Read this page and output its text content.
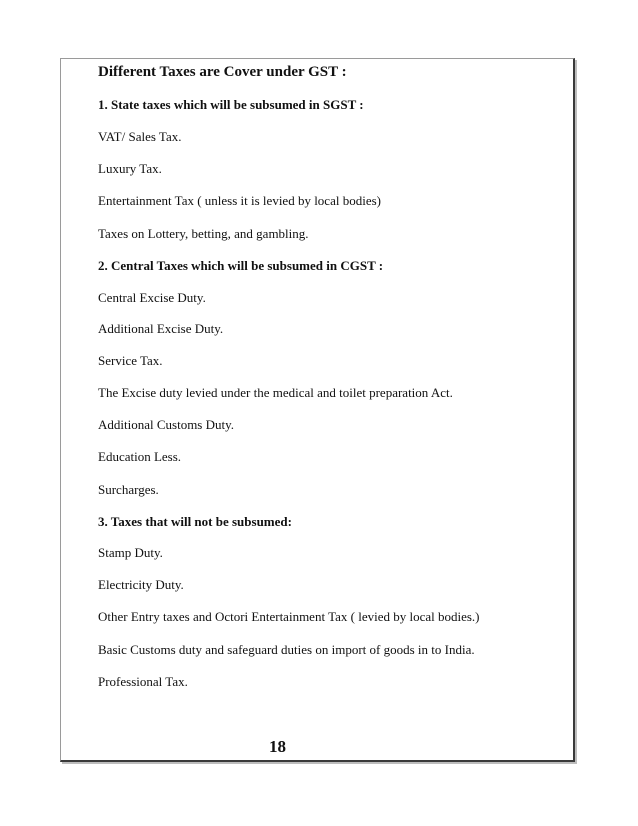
Different Taxes are Cover under GST :
1. State taxes which will be subsumed in SGST :
VAT/ Sales Tax.
Luxury Tax.
Entertainment Tax ( unless it is levied by local bodies)
Taxes on Lottery, betting, and gambling.
2. Central Taxes which will be subsumed in CGST :
Central Excise Duty.
Additional Excise Duty.
Service Tax.
The Excise duty levied under the medical and toilet preparation Act.
Additional Customs Duty.
Education Less.
Surcharges.
3. Taxes that will not be subsumed:
Stamp Duty.
Electricity Duty.
Other Entry taxes and Octori Entertainment Tax ( levied by local bodies.)
Basic Customs duty and safeguard duties on import of goods in to India.
Professional Tax.
18
